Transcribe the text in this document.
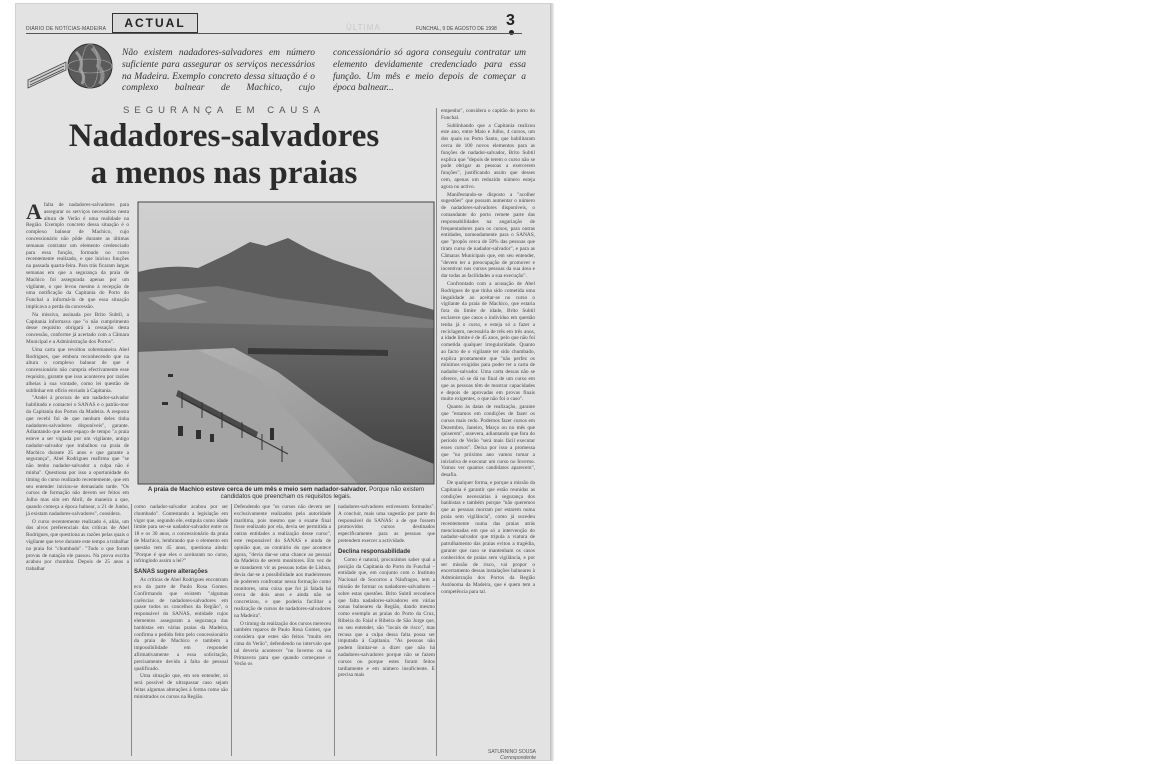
DIÁRIO DE NOTÍCIAS-MADEIRA	ACTUAL	ÚLTIMA	FUNCHAL, 9 DE AGOSTO DE 1998 3
Não existem nadadores-salvadores em número suficiente para assegurar os serviços necessários na Madeira. Exemplo concreto dessa situação é o complexo balnear de Machico, cujo concessionário só agora conseguiu contratar um elemento devidamente credenciado para essa função. Um mês e meio depois de começar a época balnear...
SEGURANÇA EM CAUSA
Nadadores-salvadores
a menos nas praias
A praia de Machico esteve cerca de um mês e meio sem nadador-salvador. Porque não existem candidatos que preencham os requisitos legais.
A falta de nadadores-salvadores para assegurar os serviços necessários nesta altura de Verão é uma realidade na Região. Exemplo concreto dessa situação é o complexo balnear de Machico, cujo concessionário não pôde durante as últimas semanas contratar um elemento credenciado para essa função, formado no curso recentemente realizado, e que iniciou funções na passada quarta-feira. Para trás ficaram largas semanas em que a segurança da praia de Machico foi assegurada apenas por um vigilante, o que levou mesmo à recepção de uma notificação da Capitania do Porto do Funchal a informá-lo de que essa situação implicava a perda da concessão.

Na missiva, assinada por Brito Subtil, a Capitania informava que "o não cumprimento desse requisito obrigará à cessação desta concessão, conforme já acertado com a Câmara Municipal e a Administração dos Portos".

Uma carta que revoltou sobremaneira Abel Rodrigues, que embora reconhecendo que na altura o complexo balnear de que é concessionário não cumpria efectivamente esse requisito, garante que isso aconteceu por razões alheias à sua vontade, como lei questão de sublinhar em ofício enviado à Capitania.

"Andei à procura de um nadador-salvador habilitado e contactei o SANAS e o patrão-mor da Capitania dos Portos da Madeira. A resposta que recebi foi de que nenhum deles tinha nadadores-salvadores disponíveis", garante. Adiantando que neste espaço de tempo "a praia esteve a ser vigiada por um vigilante, antigo nadador-salvador que trabalhou na praia de Machico durante 25 anos e que garante a segurança", Abel Rodrigues reafirma que "se não tenho nadador-salvador a culpa não é minha". Questiona por isso a oportunidade do timing do curso realizado recentemente, que em seu entender iniciou-se demasiado tarde. "Os cursos de formação não devem ser feitos em Julho mas sim em Abril, de maneira a que, quando começa a época balnear, a 21 de Junho, já existam nadadores-salvadores", considera.

O curso recentemente realizado é, aliás, um dos alvos preferenciais das críticas de Abel Rodrigues, que questiona as razões pelas quais o vigilante que teve durante este tempo a trabalhar na praia foi "chumbado". "Tudo o que foram provas de natação ele passou. Na prova escrita acabou por chumbar. Depois de 25 anos a trabalhar

como nadador-salvador acabou por ser chumbado". Contestando a legislação em vigor que, segundo ele, estipula como idade limite para ser-se nadador-salvador entre os 18 e os 30 anos, o concessionário da praia de Machico, lembrando que o elemento em questão tem 45 anos, questiona ainda: "Porque é que eles o aceitaram no curso, infringindo assim a lei?"

SANAS sugere alterações

As críticas de Abel Rodrigues encontram eco da parte de Paulo Rosa Gomes. Confirmando que existem "algumas carências de nadadores-salvadores em quase todos os concelhos da Região", o responsável do SANAS, entidade cujos elementos asseguram a segurança das banhistas em várias praias da Madeira, confirma o pedido feito pelo concessionário da praia de Machico e também a impossibilidade em responder afirmativamente a essa solicitação, precisamente devido à falta de pessoal qualificado.

Uma situação que, em seu entender, só será possível de ultrapassar caso sejam feitas algumas alterações à forma como são ministrados os cursos na Região.

Defendendo que "os cursos não devem ser exclusivamente realizados pela autoridade marítima, pois mesmo que o exame final fosse realizado por ela, devia ser permitida a outras entidades a realização desse curso", este responsável do SANAS e ainda de opinião que, ao contrário do que acontece agora, "devia dar-se uma chance ao pessoal da Madeira de serem monitores. Em vez de se mandarem vir as pessoas todas de Lisboa, devia dar-se a possibilidade aos madeirenses de poderem confrontar nessa formação como monitores, uma coisa que foi já falada há cerca de dois anos e ainda não se concretizou, e que poderia facilitar a realização de cursos de nadadores-salvadores na Madeira".

O timing da realização dos cursos mereceu também reparos de Paulo Rosa Gomes, que considera que estes são feitos "muito em cima do Verão", defendendo no intervalo que tal deveria acontecer "no Inverno ou na Primavera para que quando começasse o Verão os

nadadores-salvadores estivessem formados". A concluir, mais uma sugestão por parte do responsável do SANAS: a de que fossem promovidos cursos destinados especificamente para as pessoas que pretendem exercer a actividade.

Declina responsabilidade

Como é natural, procurámos saber qual a posição da Capitania do Porto do Funchal – entidade que, em conjunto com o Instituto Nacional de Socorros a Náufragos, tem a missão de formar os nadadores-salvadores – sobre estas questões. Brito Subtil reconhece que falta nadadores-salvadores em várias zonas balneares da Região, dando mesmo como exemplo as praias do Porto da Cruz, Ribeira do Faial e Ribeira de São Jorge que, no seu entender, são "locais de risco", mas recusa que a culpa dessa falta possa ser imputada à Capitania. "As pessoas não podem limitar-se a dizer que não há nadadores-salvadores porque não se fazem cursos ou porque estes foram feitos tardiamente e em número insuficiente. E precisa mais

empenho", considera o capitão do porto do Funchal.

Sublinhando que a Capitania realizou este ano, entre Maio e Julho, 4 cursos, um dos quais no Porto Santo, que habilitaram cerca de 100 novos elementos para as funções de nadador-salvador, Brito Subtil explica que "depois de terem o curso não se pode obrigar as pessoas a exercerem funções", justificando assim que desses cem, apenas um reduzido número esteja agora no activo.

Manifestando-se disposto a "acolher sugestões" que possam aumentar o número de nadadores-salvadores disponíveis, o comandante do porto remete parte das responsabilidades na angariação de frequentadores para os cursos, para outras entidades, nomeadamente para o SANAS, que "propôs cerca de 50% das pessoas que tiram curso de nadador-salvador", e para as Câmaras Municipais que, em seu entender, "devem ter a preocupação de promover e incentivar nos cursos pessoas da sua área e dar todas as facilidades a sua execução".

Confrontado com a acusação de Abel Rodrigues de que tinha sido cometida uma ilegalidade ao aceitar-se no curso o vigilante da praia de Machico, que estaria fora do limite de idade, Brito Subtil esclarece que casos o indivíduo em questão tenha já o curso, e esteja só a fazer a reciclagem, necessária de três em três anos, a idade limite é de 45 anos, pelo que não foi cometida qualquer irregularidade. Quanto ao facto de o vigilante ter sido chumbado, explica prontamente que "não perfez os mínimos exigidos para poder ter a carta de nadador-salvador. Uma carta dessas não se oferece, só se dá no final de um curso em que as pessoas têm de mostrar capacidades e depois de aprovadas em provas finais muito exigentes, o que não foi o caso".

Quanto às datas de realização, garante que "estamos em condições de fazer os cursos mais cedo. Podemos fazer cursos em Dezembro, Janeiro, Março ou no mês que quiserem", assevera, adiantando que fora do período de Verão "será mais fácil executar esses cursos". Deixa por isso a promessa que "no próximo ano vamos tomar a iniciativa de executar um curso no Inverno. Vamos ver quantos candidatos aparecem", desafia.

De qualquer forma, e porque a missão da Capitania é garantir que estão reunidas as condições necessárias à segurança dos banhistas e também porque "não queremos que as pessoas morram por estarem numa praia sem vigilância", como já sucedeu recentemente numa das praias atrás mencionadas em que só a intervenção do nadador-salvador que tripula a viatura de patrulhamento das praias evitou a tragédia, garante que caso se mantenham os casos conhecidos de praias sem vigilância, e por ser missão de risco, vai propor o encerramento dessas instalações balneares à Administração dos Portos da Região Autónoma da Madeira, que é quem tem a competência para tal.

SATURNINO SOUSA
Correspondente
